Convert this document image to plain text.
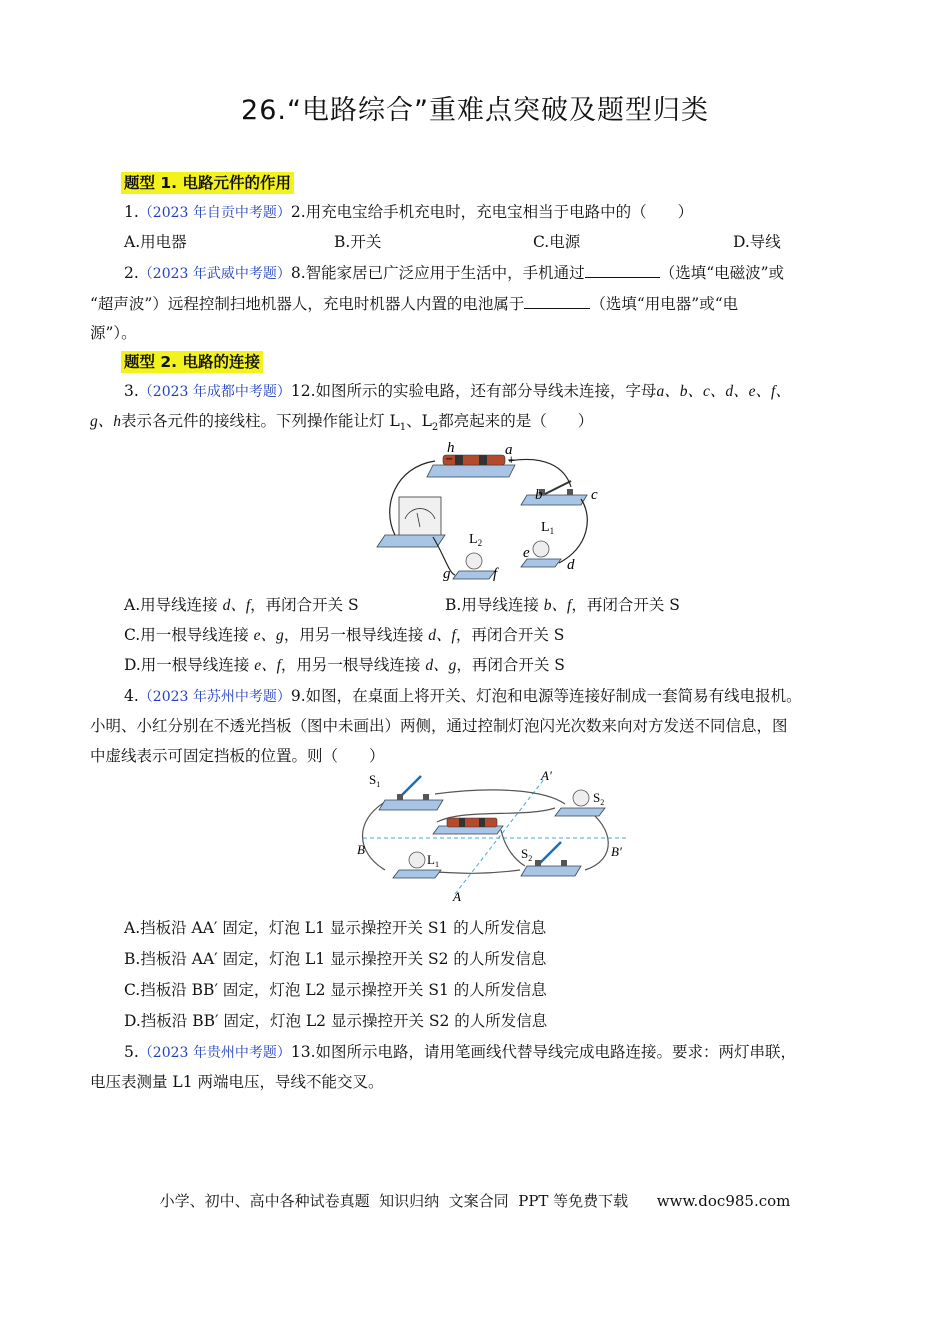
26.“电路综合”重难点突破及题型归类
题型 1. 电路元件的作用
1.（2023 年自贡中考题）2.用充电宝给手机充电时，充电宝相当于电路中的（　　）
A.用电器	B.开关	C.电源	D.导线
2.（2023 年武威中考题）8.智能家居已广泛应用于生活中，手机通过	（选填“电磁波”或
“超声波”）远程控制扫地机器人，充电时机器人内置的电池属于	（选填“用电器”或“电
源”）。
题型 2. 电路的连接
3.（2023 年成都中考题）12.如图所示的实验电路，还有部分导线未连接，字母a、b、c、d、e、f、
g、h表示各元件的接线柱。下列操作能让灯 $L_1$、$L_2$都亮起来的是（　　）
h	a
−	+
b	c
$L_1$
e
d
$L_2$
g	f
A.用导线连接 d、f，再闭合开关 S	B.用导线连接 b、f，再闭合开关 S
C.用一根导线连接 e、g，用另一根导线连接 d、f，再闭合开关 S
D.用一根导线连接 e、f，用另一根导线连接 d、g，再闭合开关 S
4.（2023 年苏州中考题）9.如图，在桌面上将开关、灯泡和电源等连接好制成一套简易有线电报机。
小明、小红分别在不透光挡板（图中未画出）两侧，通过控制灯泡闪光次数来向对方发送不同信息，图
中虚线表示可固定挡板的位置。则（　　）
$S_1$
A′
$S_2$
B
$L_1$
$S_2$	B′
A
A.挡板沿 AA′ 固定，灯泡 L1 显示操控开关 S1 的人所发信息
B.挡板沿 AA′ 固定，灯泡 L1 显示操控开关 S2 的人所发信息
C.挡板沿 BB′ 固定，灯泡 L2 显示操控开关 S1 的人所发信息
D.挡板沿 BB′ 固定，灯泡 L2 显示操控开关 S2 的人所发信息
5.（2023 年贵州中考题）13.如图所示电路，请用笔画线代替导线完成电路连接。要求：两灯串联，
电压表测量 L1 两端电压，导线不能交叉。
小学、初中、高中各种试卷真题  知识归纳  文案合同  PPT 等免费下载      www.doc985.com
